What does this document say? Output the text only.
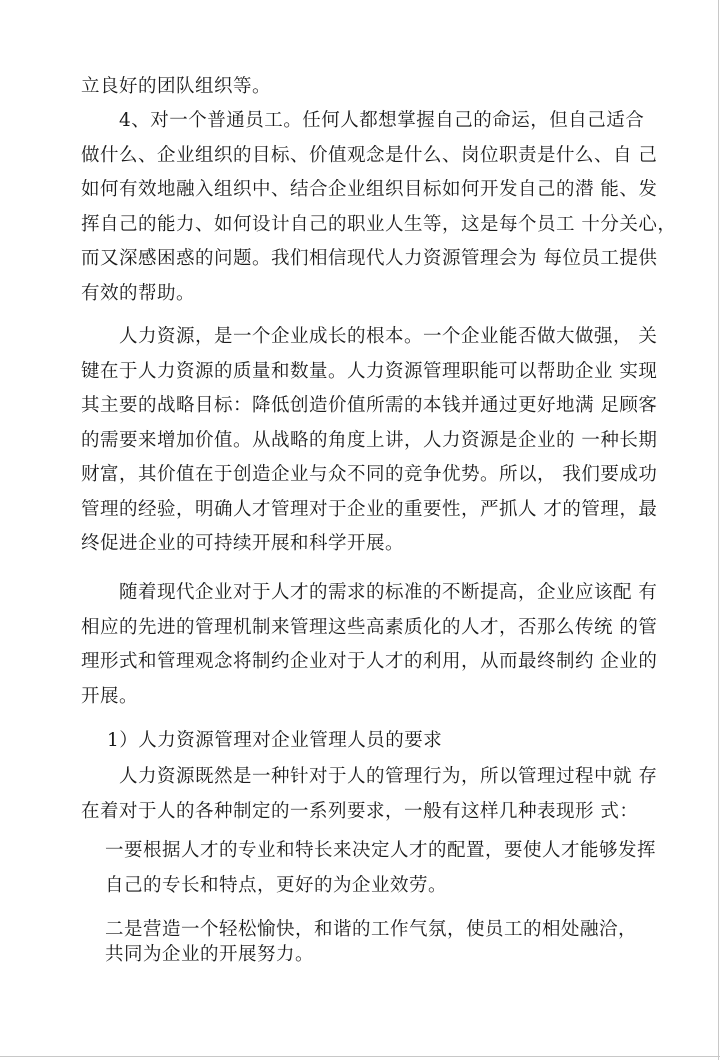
立良好的团队组织等。
4、对一个普通员工。任何人都想掌握自己的命运，但自己适合
做什么、企业组织的目标、价值观念是什么、岗位职责是什么、自 己
如何有效地融入组织中、结合企业组织目标如何开发自己的潜 能、发
挥自己的能力、如何设计自己的职业人生等，这是每个员工 十分关心，
而又深感困惑的问题。我们相信现代人力资源管理会为 每位员工提供
有效的帮助。
人力资源，是一个企业成长的根本。一个企业能否做大做强， 关
键在于人力资源的质量和数量。人力资源管理职能可以帮助企业 实现
其主要的战略目标：降低创造价值所需的本钱并通过更好地满 足顾客
的需要来增加价值。从战略的角度上讲，人力资源是企业的 一种长期
财富，其价值在于创造企业与众不同的竞争优势。所以， 我们要成功
管理的经验，明确人才管理对于企业的重要性，严抓人 才的管理，最
终促进企业的可持续开展和科学开展。
随着现代企业对于人才的需求的标准的不断提高，企业应该配 有
相应的先进的管理机制来管理这些高素质化的人才，否那么传统 的管
理形式和管理观念将制约企业对于人才的利用，从而最终制约 企业的
开展。
1）人力资源管理对企业管理人员的要求
人力资源既然是一种针对于人的管理行为，所以管理过程中就 存
在着对于人的各种制定的一系列要求，一般有这样几种表现形 式：
一要根据人才的专业和特长来决定人才的配置，要使人才能够发挥
自己的专长和特点，更好的为企业效劳。
二是营造一个轻松愉快，和谐的工作气氛，使员工的相处融洽，
共同为企业的开展努力。
